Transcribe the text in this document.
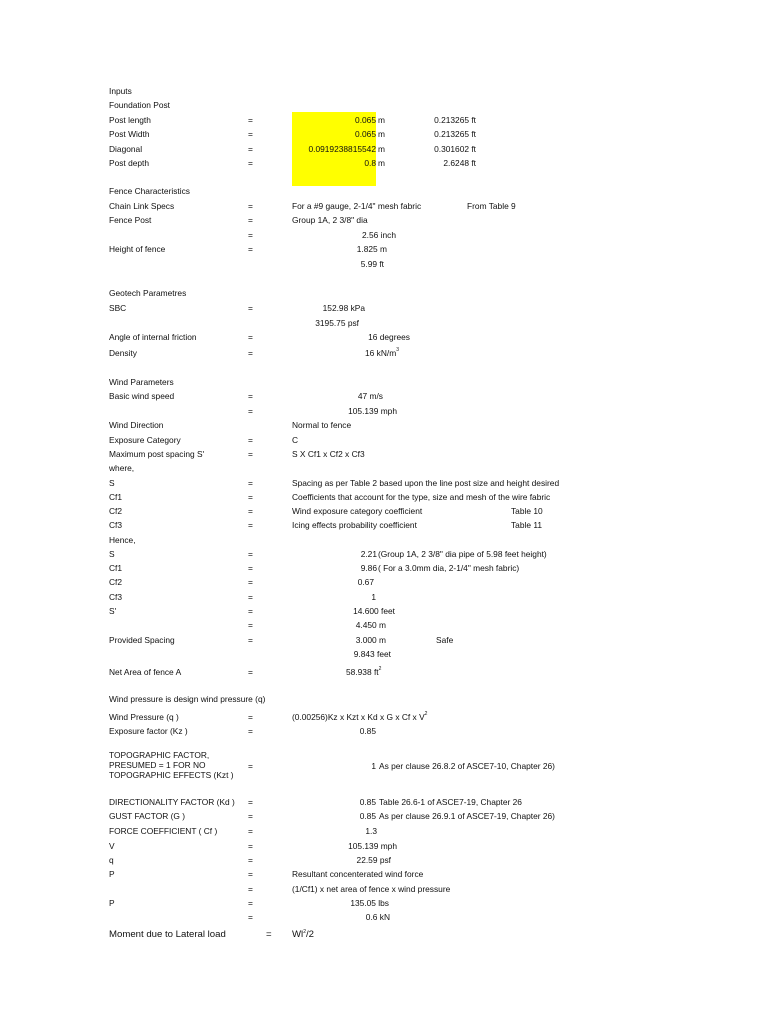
Inputs
Foundation Post
Post length	=	0.065 m	0.213265 ft
Post Width	=	0.065 m	0.213265 ft
Diagonal	=	0.0919238815542 m	0.301602 ft
Post depth	=	0.8 m	2.6248 ft
Fence Characteristics
Chain Link Specs	=	For a #9 gauge, 2-1/4" mesh fabric	From Table 9
Fence Post	=	Group 1A, 2 3/8" dia
=	2.56 inch
Height of fence	=	1.825 m
5.99 ft
Geotech Parametres
SBC	=	152.98 kPa
3195.75 psf
Angle of internal friction	=	16 degrees
Density	=	16 $kN/m^3$
Wind Parameters
Basic wind speed	=	47 m/s
=	105.139 mph
Wind Direction	Normal to fence
Exposure Category	=	C
Maximum post spacing S'	=	S X Cf1 x Cf2 x Cf3
where,
S	=	Spacing as per Table 2 based upon the line post size and height desired
Cf1	=	Coefficients that account for the type, size and mesh of the wire fabric
Cf2	=	Wind exposure category coefficient	Table 10
Cf3	=	Icing effects probability coefficient	Table 11
Hence,
S	=	2.21 (Group 1A, 2 3/8" dia pipe of 5.98 feet height)
Cf1	=	9.86 ( For a 3.0mm dia, 2-1/4" mesh fabric)
Cf2	=	0.67
Cf3	=	1
S'	=	14.600 feet
=	4.450 m
Provided Spacing	=	3.000 m	Safe
9.843 feet
Net Area of fence A	=	58.938 $ft^2$
Wind pressure is design wind pressure (q)
Wind Pressure (q )	=	(0.00256)Kz x Kzt x Kd x G x Cf x $V^2$
Exposure factor (Kz )	=	0.85
TOPOGRAPHIC FACTOR,
PRESUMED = 1 FOR NO
TOPOGRAPHIC EFFECTS (Kzt )
=	1 As per clause 26.8.2 of ASCE7-10, Chapter 26)
DIRECTIONALITY FACTOR (Kd ) =	0.85 Table 26.6-1 of ASCE7-19, Chapter 26
GUST FACTOR (G )	=	0.85 As per clause 26.9.1 of ASCE7-19, Chapter 26)
FORCE COEFFICIENT ( Cf )	=	1.3
V	=	105.139 mph
q	=	22.59 psf
P	=	Resultant concenterated wind force
=	(1/Cf1) x net area of fence x wind pressure
P	=	135.05 lbs
=	0.6 kN
Moment due to Lateral load	= $Wl^2/2$
